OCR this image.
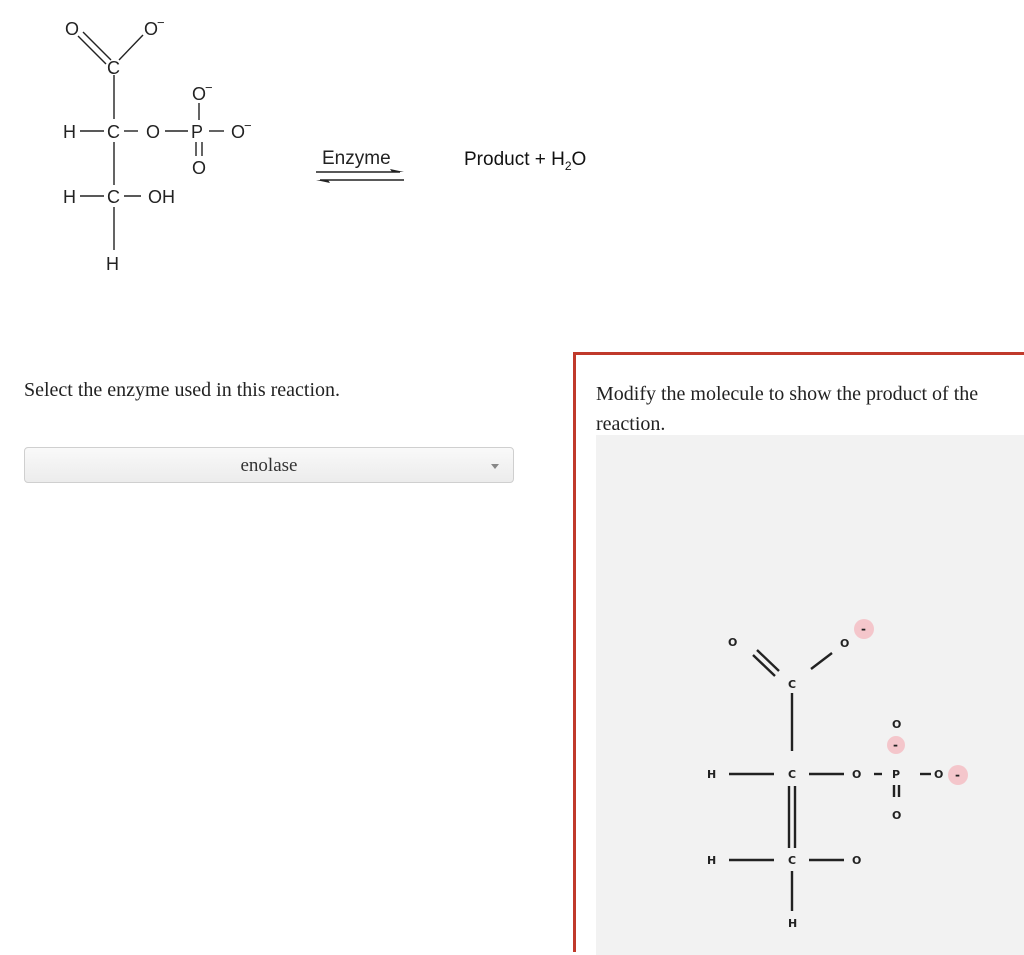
O	O
−
C
H C O P
O
−
O
−
O
H C OH
H
Enzyme	Product + $H_2O$
Select the enzyme used in this reaction.
enolase
Modify the molecule to show the product of the reaction.
O	O
-
C
H	C	O	P
O
-
O -
O
H	C	O
H
